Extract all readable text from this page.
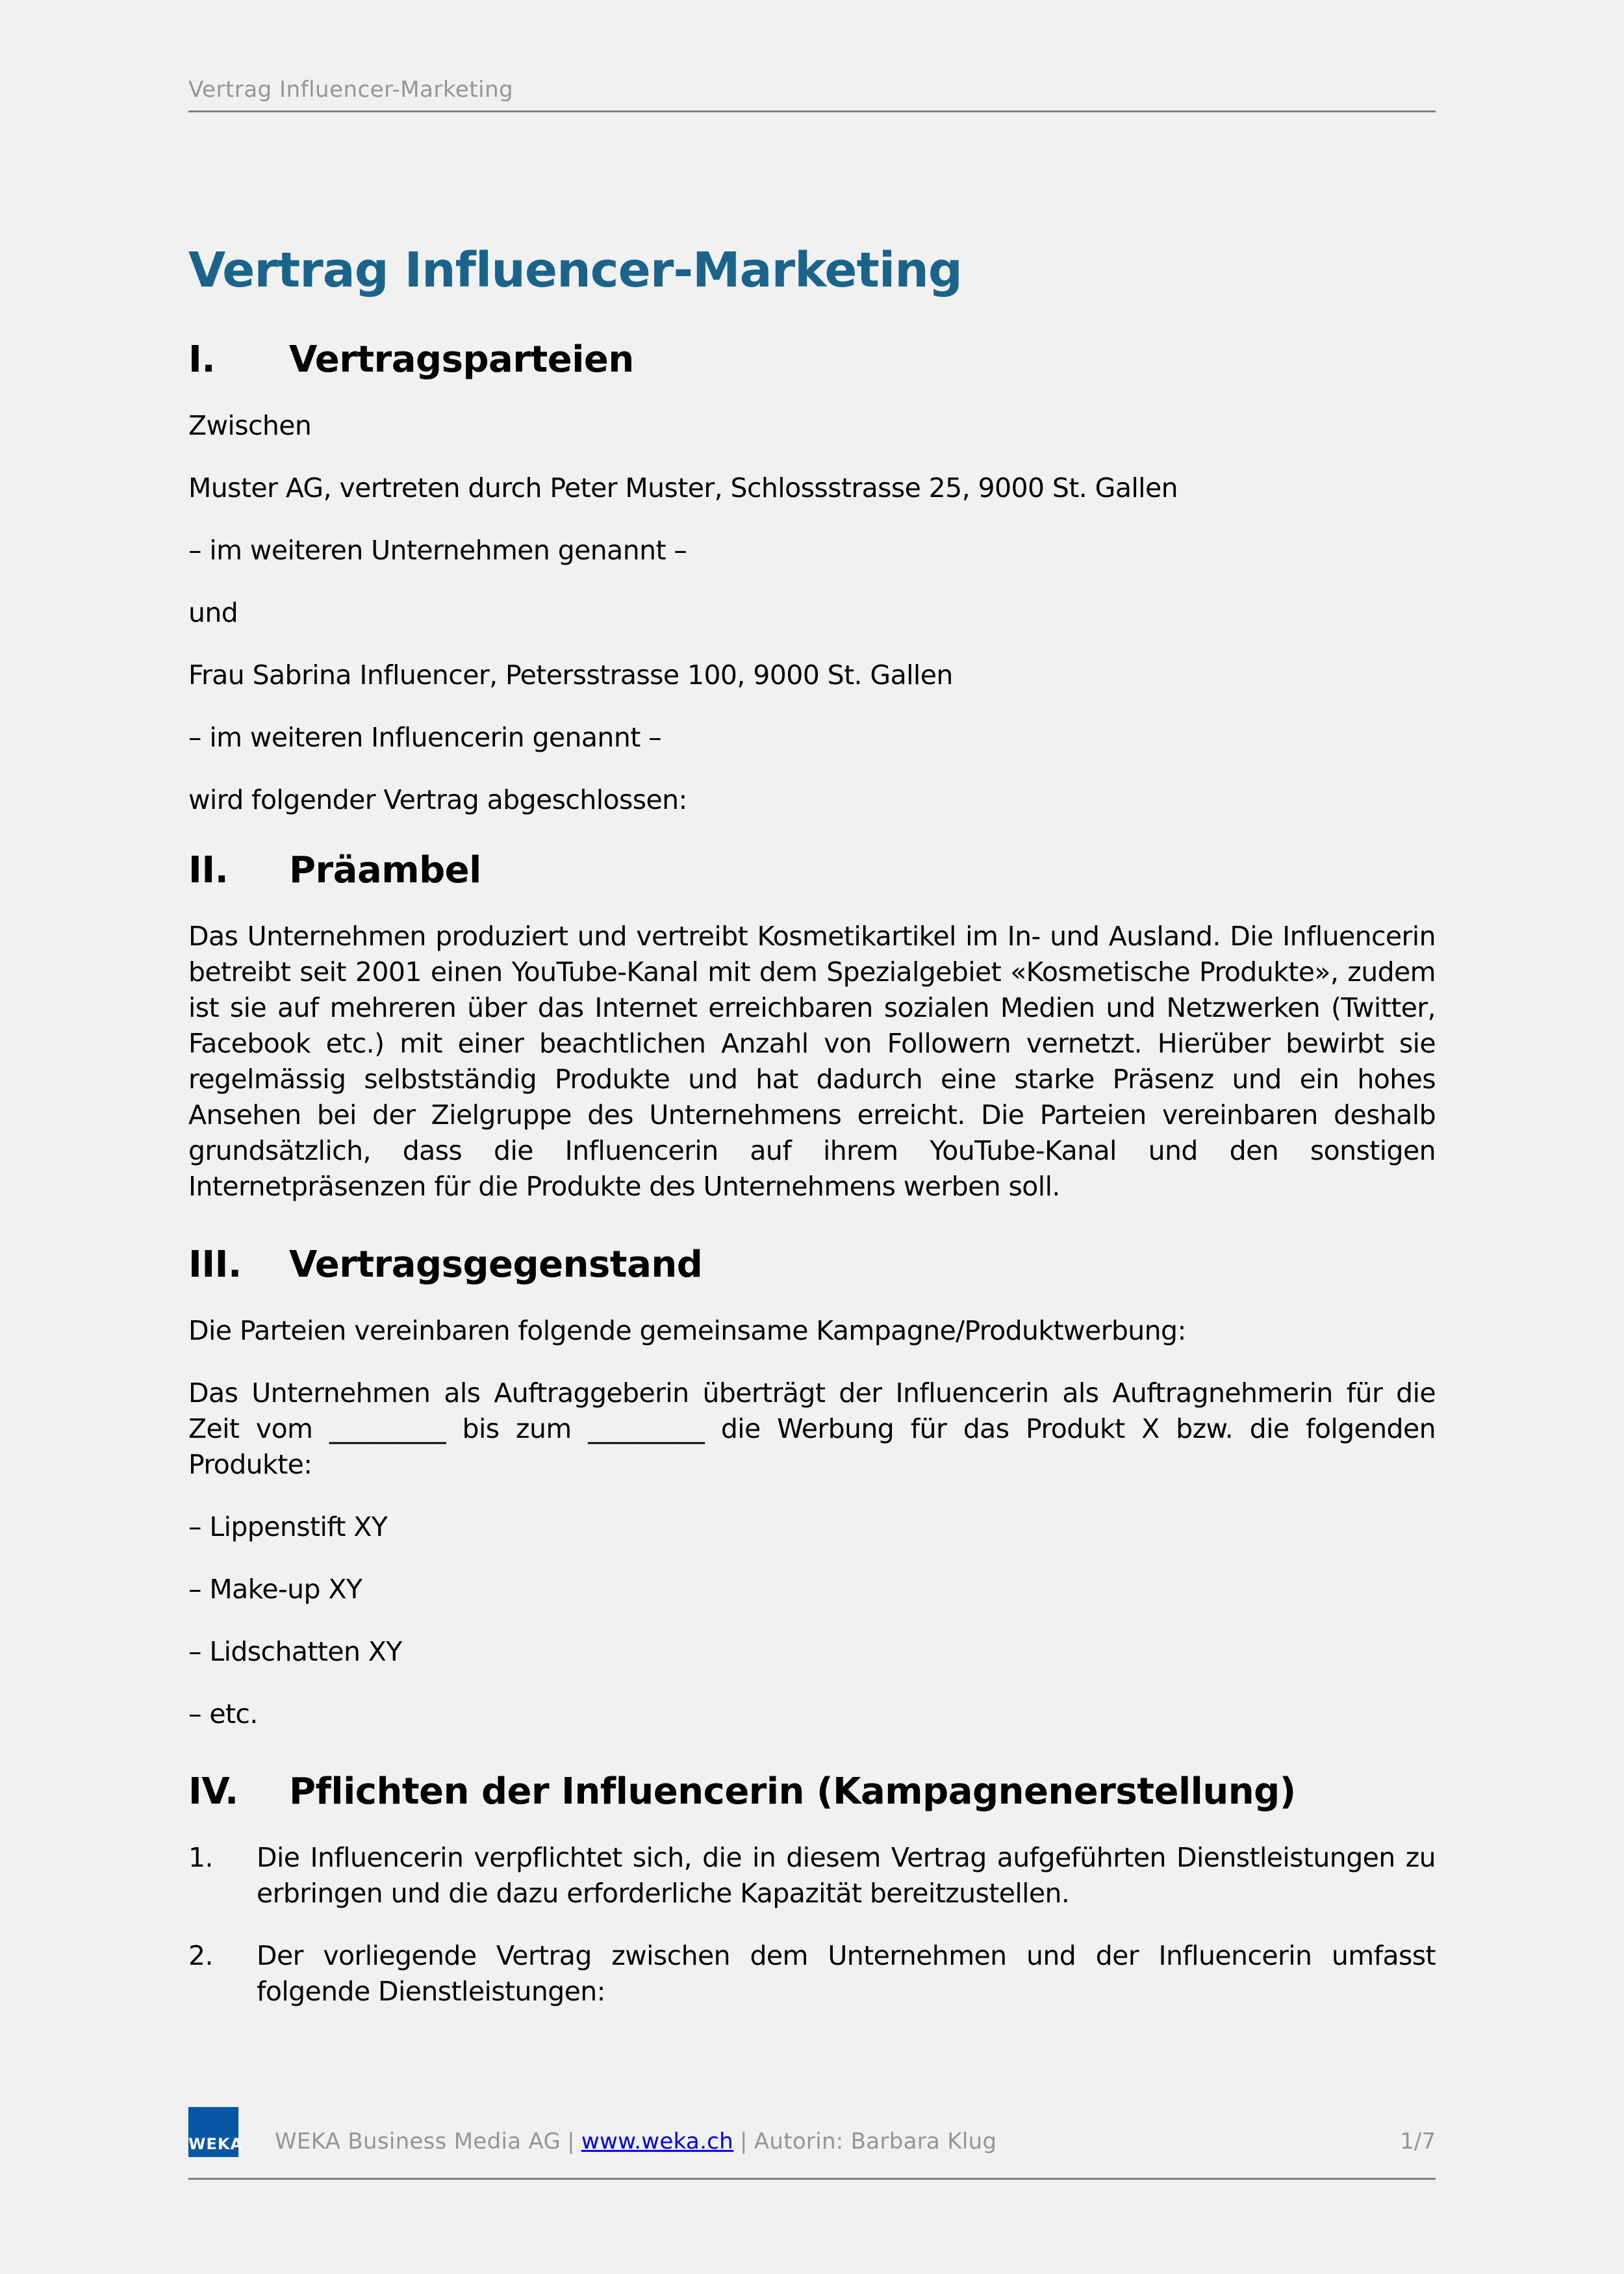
Vertrag Influencer-Marketing
Vertrag Influencer-Marketing
I. Vertragsparteien

Zwischen

Muster AG, vertreten durch Peter Muster, Schlossstrasse 25, 9000 St. Gallen

– im weiteren Unternehmen genannt –

und

Frau Sabrina Influencer, Petersstrasse 100, 9000 St. Gallen

– im weiteren Influencerin genannt –

wird folgender Vertrag abgeschlossen:

II. Präambel

Das Unternehmen produziert und vertreibt Kosmetikartikel im In- und Ausland. Die Influencerin betreibt seit 2001 einen YouTube-Kanal mit dem Spezialgebiet «Kosmetische Produkte», zudem ist sie auf mehreren über das Internet erreichbaren sozialen Medien und Netzwerken (Twitter, Facebook etc.) mit einer beachtlichen Anzahl von Followern vernetzt. Hierüber bewirbt sie regelmässig selbstständig Produkte und hat dadurch eine starke Präsenz und ein hohes Ansehen bei der Zielgruppe des Unternehmens erreicht. Die Parteien vereinbaren deshalb grundsätzlich, dass die Influencerin auf ihrem YouTube-Kanal und den sonstigen Internetpräsenzen für die Produkte des Unternehmens werben soll.

III. Vertragsgegenstand

Die Parteien vereinbaren folgende gemeinsame Kampagne/Produktwerbung:

Das Unternehmen als Auftraggeberin überträgt der Influencerin als Auftragnehmerin für die Zeit vom _________ bis zum _________ die Werbung für das Produkt X bzw. die folgenden Produkte:

– Lippenstift XY

– Make-up XY

– Lidschatten XY

– etc.

IV. Pflichten der Influencerin (Kampagnenerstellung)
1.	Die Influencerin verpflichtet sich, die in diesem Vertrag aufgeführten Dienstleistungen zu erbringen und die dazu erforderliche Kapazität bereitzustellen.
2.	Der vorliegende Vertrag zwischen dem Unternehmen und der Influencerin umfasst folgende Dienstleistungen:
WEKA WEKA Business Media AG | www.weka.ch | Autorin: Barbara Klug	1/7
